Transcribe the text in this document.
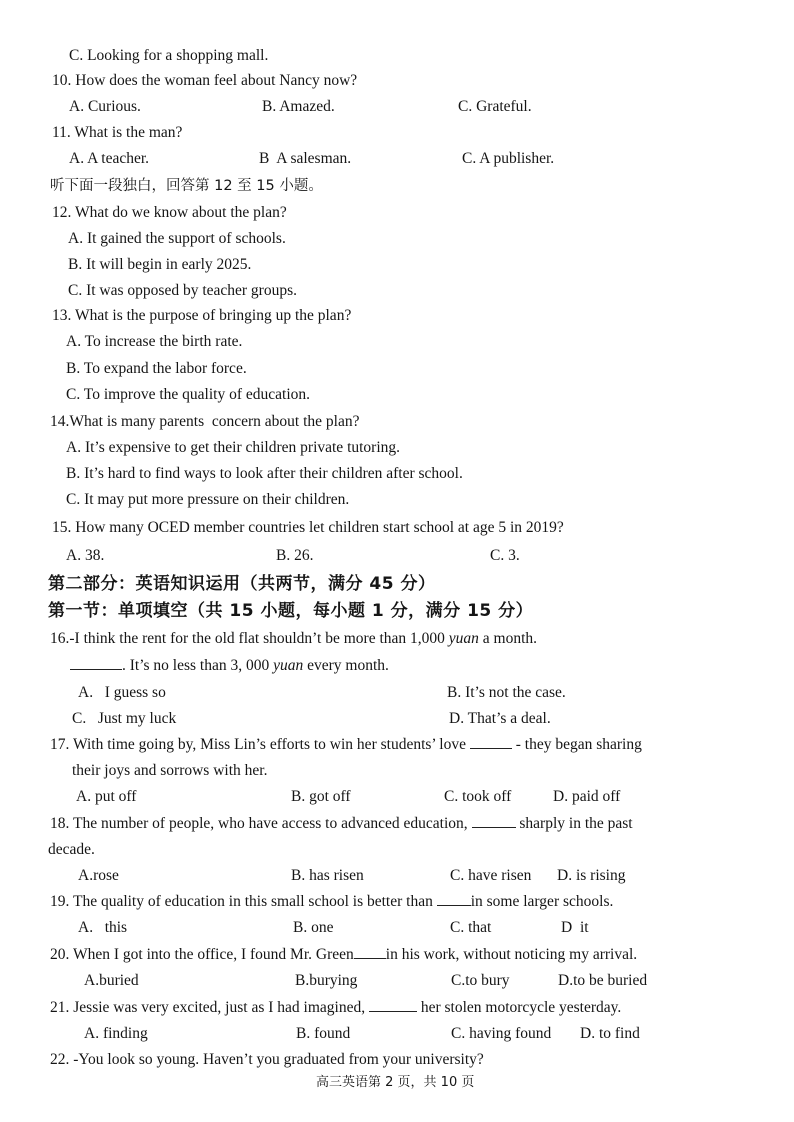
C. Looking for a shopping mall.
10. How does the woman feel about Nancy now?
A. Curious.	B. Amazed.	C. Grateful.
11. What is the man?
A. A teacher.	B  A salesman.	C. A publisher.
听下面一段独白，回答第 12 至 15 小题。
12. What do we know about the plan?
A. It gained the support of schools.
B. It will begin in early 2025.
C. It was opposed by teacher groups.
13. What is the purpose of bringing up the plan?
A. To increase the birth rate.
B. To expand the labor force.
C. To improve the quality of education.
14.What is many parents  concern about the plan?
A. It’s expensive to get their children private tutoring.
B. It’s hard to find ways to look after their children after school.
C. It may put more pressure on their children.
15. How many OCED member countries let children start school at age 5 in 2019?
A. 38.	B. 26.	C. 3.
第二部分：英语知识运用（共两节，满分 45 分）
第一节：单项填空（共 15 小题，每小题 1 分，满分 15 分）
16.-I think the rent for the old flat shouldn’t be more than 1,000 yuan a month.
. It’s no less than 3, 000 yuan every month.
A.   I guess so	B. It’s not the case.
C.   Just my luck	D. That’s a deal.
17. With time going by, Miss Lin’s efforts to win her students’ love	- they began sharing
their joys and sorrows with her.
A. put off	B. got off	C. took off	D. paid off
18. The number of people, who have access to advanced education,	sharply in the past
decade.
A.rose	B. has risen	C. have risen D. is rising
19. The quality of education in this small school is better than in some larger schools.
A.   this	B. one	C. that	D  it
20. When I got into the office, I found Mr. Green in his work, without noticing my arrival.
A.buried	B.burying	C.to bury	D.to be buried
21. Jessie was very excited, just as I had imagined,	her stolen motorcycle yesterday.
A. finding	B. found	C. having found D. to find
22. -You look so young. Haven’t you graduated from your university?
高三英语第 2 页，共 10 页
